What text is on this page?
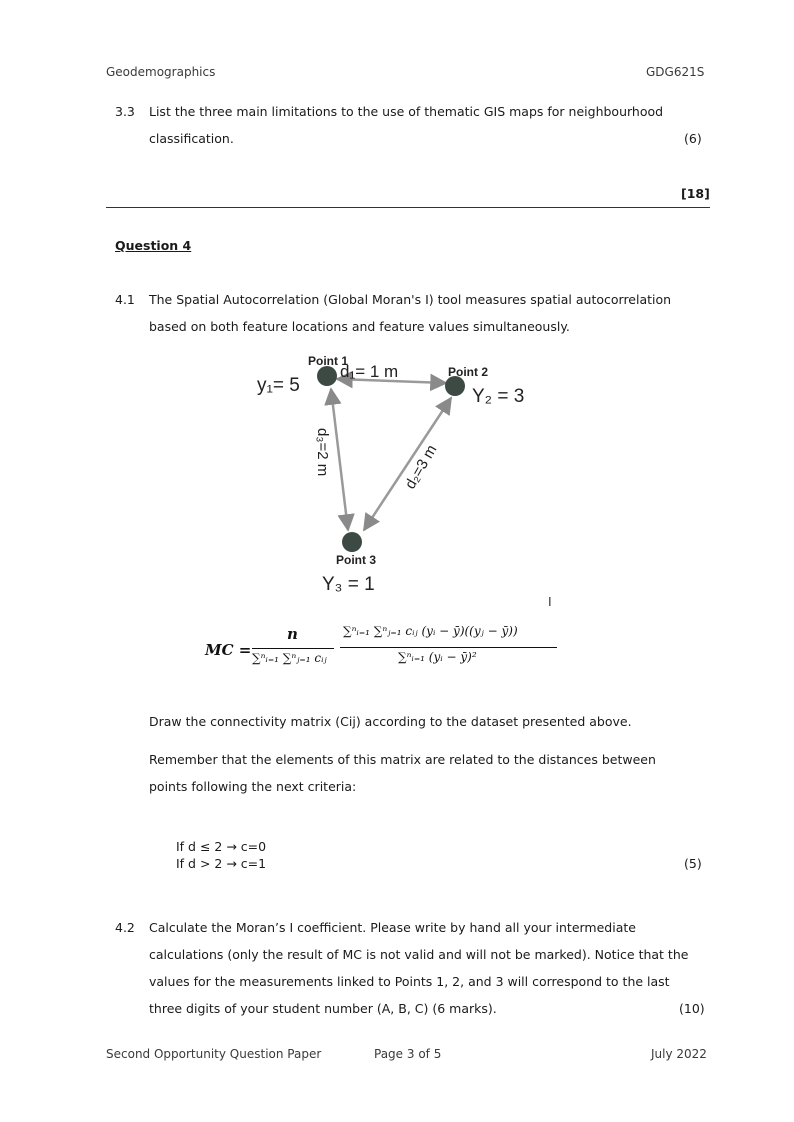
Geodemographics	GDG621S
3.3 List the three main limitations to the use of thematic GIS maps for neighbourhood
classification.	(6)
[18]
Question 4
4.1 The Spatial Autocorrelation (Global Moran's I) tool measures spatial autocorrelation
based on both feature locations and feature values simultaneously.
Point 1
Point 2
Point 3
d₁= 1 m
d₃=2 m	d₂=3 m
y₁= 5
Y₂ = 3
Y₃ = 1
I
MC =
n
∑ⁿᵢ₌₁ ∑ⁿⱼ₌₁ cᵢⱼ
∑ⁿᵢ₌₁ ∑ⁿⱼ₌₁ cᵢⱼ (yᵢ − ȳ)((yⱼ − ȳ))
∑ⁿᵢ₌₁ (yᵢ − ȳ)²
Draw the connectivity matrix (Cij) according to the dataset presented above.
Remember that the elements of this matrix are related to the distances between
points following the next criteria:
If d ≤ 2 → c=0
If d > 2 → c=1	(5)
4.2 Calculate the Moran’s I coefficient. Please write by hand all your intermediate
calculations (only the result of MC is not valid and will not be marked). Notice that the
values for the measurements linked to Points 1, 2, and 3 will correspond to the last
three digits of your student number (A, B, C) (6 marks).	(10)
Second Opportunity Question Paper	Page 3 of 5	July 2022
